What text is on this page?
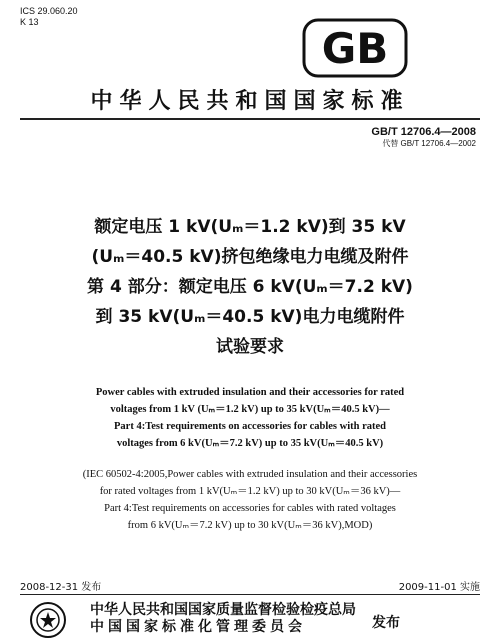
ICS 29.060.20
K 13
GB
中华人民共和国国家标准
GB/T 12706.4—2008
代替 GB/T 12706.4—2002
额定电压 1 kV(Uₘ＝1.2 kV)到 35 kV
(Uₘ＝40.5 kV)挤包绝缘电力电缆及附件
第 4 部分：额定电压 6 kV(Uₘ＝7.2 kV)
到 35 kV(Uₘ＝40.5 kV)电力电缆附件
试验要求
Power cables with extruded insulation and their accessories for rated
voltages from 1 kV (Uₘ＝1.2 kV) up to 35 kV(Uₘ＝40.5 kV)—
Part 4:Test requirements on accessories for cables with rated
voltages from 6 kV(Uₘ＝7.2 kV) up to 35 kV(Uₘ＝40.5 kV)
(IEC 60502-4:2005,Power cables with extruded insulation and their accessories
for rated voltages from 1 kV(Uₘ＝1.2 kV) up to 30 kV(Uₘ＝36 kV)—
Part 4:Test requirements on accessories for cables with rated voltages
from 6 kV(Uₘ＝7.2 kV) up to 30 kV(Uₘ＝36 kV),MOD)
2008-12-31 发布	2009-11-01 实施
中华人民共和国国家质量监督检验检疫总局
中国国家标准化管理委员会	发布
